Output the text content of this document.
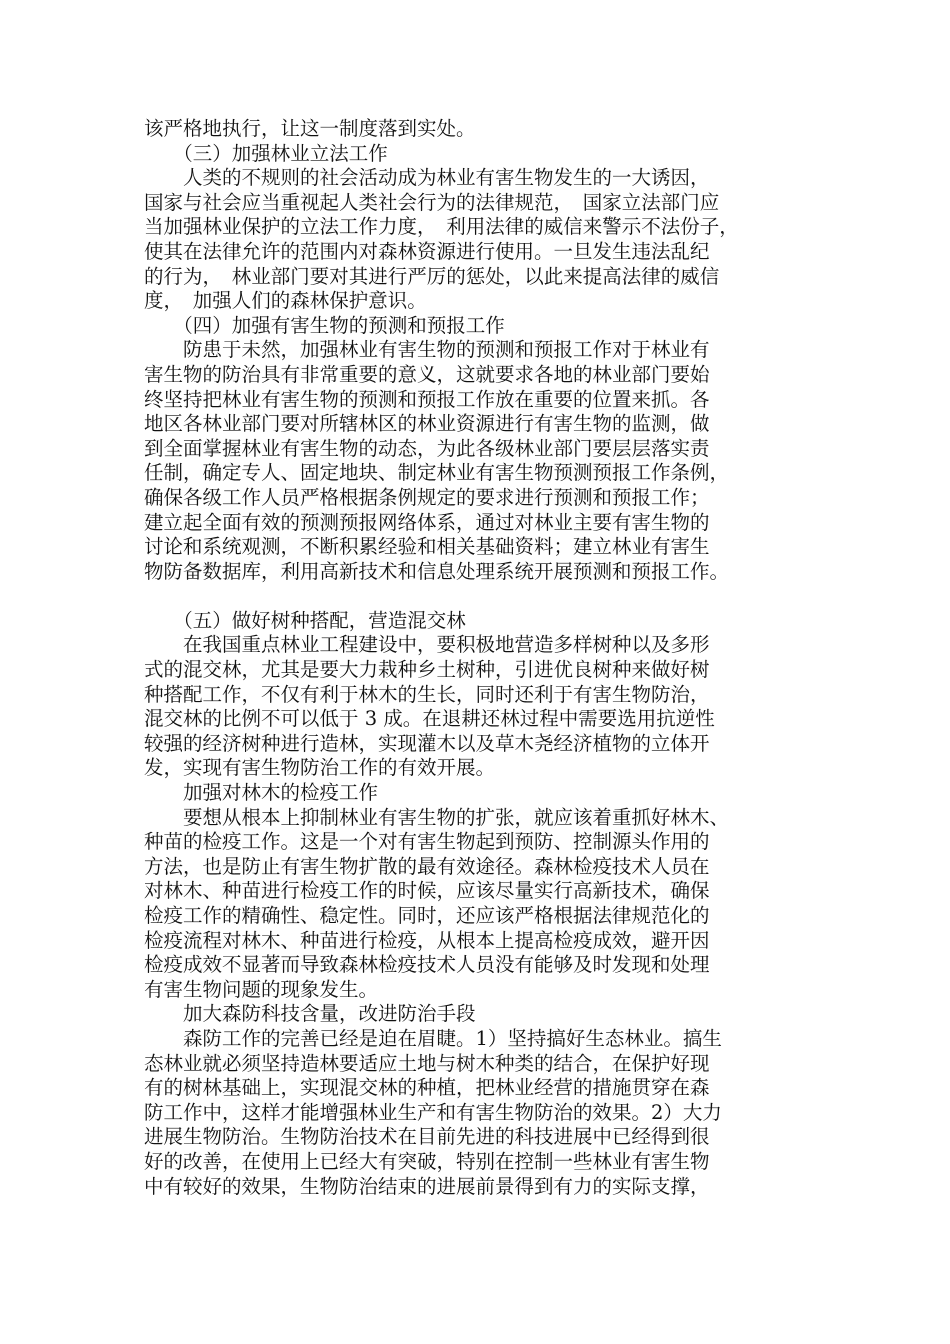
该严格地执行，让这一制度落到实处。
　　（三）加强林业立法工作
　　人类的不规则的社会活动成为林业有害生物发生的一大诱因，
国家与社会应当重视起人类社会行为的法律规范，　国家立法部门应
当加强林业保护的立法工作力度，　利用法律的威信来警示不法份子，
使其在法律允许的范围内对森林资源进行使用。一旦发生违法乱纪
的行为，　林业部门要对其进行严厉的惩处，以此来提高法律的威信
度，　加强人们的森林保护意识。
　　（四）加强有害生物的预测和预报工作
　　防患于未然，加强林业有害生物的预测和预报工作对于林业有
害生物的防治具有非常重要的意义，这就要求各地的林业部门要始
终坚持把林业有害生物的预测和预报工作放在重要的位置来抓。各
地区各林业部门要对所辖林区的林业资源进行有害生物的监测，做
到全面掌握林业有害生物的动态，为此各级林业部门要层层落实责
任制，确定专人、固定地块、制定林业有害生物预测预报工作条例，
确保各级工作人员严格根据条例规定的要求进行预测和预报工作；
建立起全面有效的预测预报网络体系，通过对林业主要有害生物的
讨论和系统观测，不断积累经验和相关基础资料；建立林业有害生
物防备数据库，利用高新技术和信息处理系统开展预测和预报工作。
　　（五）做好树种搭配，营造混交林
　　在我国重点林业工程建设中，要积极地营造多样树种以及多形
式的混交林，尤其是要大力栽种乡土树种，引进优良树种来做好树
种搭配工作，不仅有利于林木的生长，同时还利于有害生物防治，
混交林的比例不可以低于 3 成。在退耕还林过程中需要选用抗逆性
较强的经济树种进行造林，实现灌木以及草木尧经济植物的立体开
发，实现有害生物防治工作的有效开展。
　　加强对林木的检疫工作
　　要想从根本上抑制林业有害生物的扩张，就应该着重抓好林木、
种苗的检疫工作。这是一个对有害生物起到预防、控制源头作用的
方法，也是防止有害生物扩散的最有效途径。森林检疫技术人员在
对林木、种苗进行检疫工作的时候，应该尽量实行高新技术，确保
检疫工作的精确性、稳定性。同时，还应该严格根据法律规范化的
检疫流程对林木、种苗进行检疫，从根本上提高检疫成效，避开因
检疫成效不显著而导致森林检疫技术人员没有能够及时发现和处理
有害生物问题的现象发生。
　　加大森防科技含量，改进防治手段
　　森防工作的完善已经是迫在眉睫。1）坚持搞好生态林业。搞生
态林业就必须坚持造林要适应土地与树木种类的结合，在保护好现
有的树林基础上，实现混交林的种植，把林业经营的措施贯穿在森
防工作中，这样才能增强林业生产和有害生物防治的效果。2）大力
进展生物防治。生物防治技术在目前先进的科技进展中已经得到很
好的改善，在使用上已经大有突破，特别在控制一些林业有害生物
中有较好的效果，生物防治结束的进展前景得到有力的实际支撑，
